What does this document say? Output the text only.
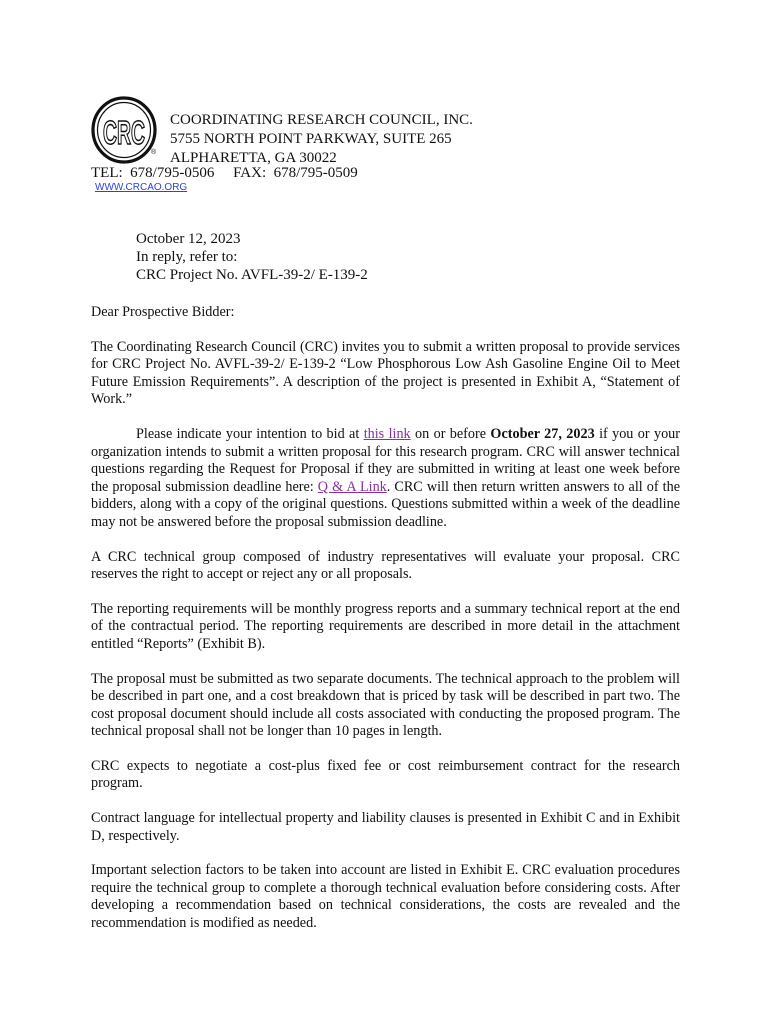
CRC
®
COORDINATING RESEARCH COUNCIL, INC.
5755 NORTH POINT PARKWAY, SUITE 265
ALPHARETTA, GA 30022
TEL:  678/795-0506     FAX:  678/795-0509
WWW.CRCAO.ORG
October 12, 2023
In reply, refer to:
CRC Project No. AVFL-39-2/ E-139-2

Dear Prospective Bidder:

The Coordinating Research Council (CRC) invites you to submit a written proposal to provide services for CRC Project No. AVFL-39-2/ E-139-2 “Low Phosphorous Low Ash Gasoline Engine Oil to Meet Future Emission Requirements”. A description of the project is presented in Exhibit A, “Statement of Work.”

Please indicate your intention to bid at this link on or before October 27, 2023 if you or your organization intends to submit a written proposal for this research program. CRC will answer technical questions regarding the Request for Proposal if they are submitted in writing at least one week before the proposal submission deadline here: Q & A Link. CRC will then return written answers to all of the bidders, along with a copy of the original questions. Questions submitted within a week of the deadline may not be answered before the proposal submission deadline.

A CRC technical group composed of industry representatives will evaluate your proposal. CRC reserves the right to accept or reject any or all proposals.

The reporting requirements will be monthly progress reports and a summary technical report at the end of the contractual period. The reporting requirements are described in more detail in the attachment entitled “Reports” (Exhibit B).

The proposal must be submitted as two separate documents. The technical approach to the problem will be described in part one, and a cost breakdown that is priced by task will be described in part two. The cost proposal document should include all costs associated with conducting the proposed program. The technical proposal shall not be longer than 10 pages in length.

CRC expects to negotiate a cost-plus fixed fee or cost reimbursement contract for the research program.

Contract language for intellectual property and liability clauses is presented in Exhibit C and in Exhibit D, respectively.

Important selection factors to be taken into account are listed in Exhibit E. CRC evaluation procedures require the technical group to complete a thorough technical evaluation before considering costs. After developing a recommendation based on technical considerations, the costs are revealed and the recommendation is modified as needed.
